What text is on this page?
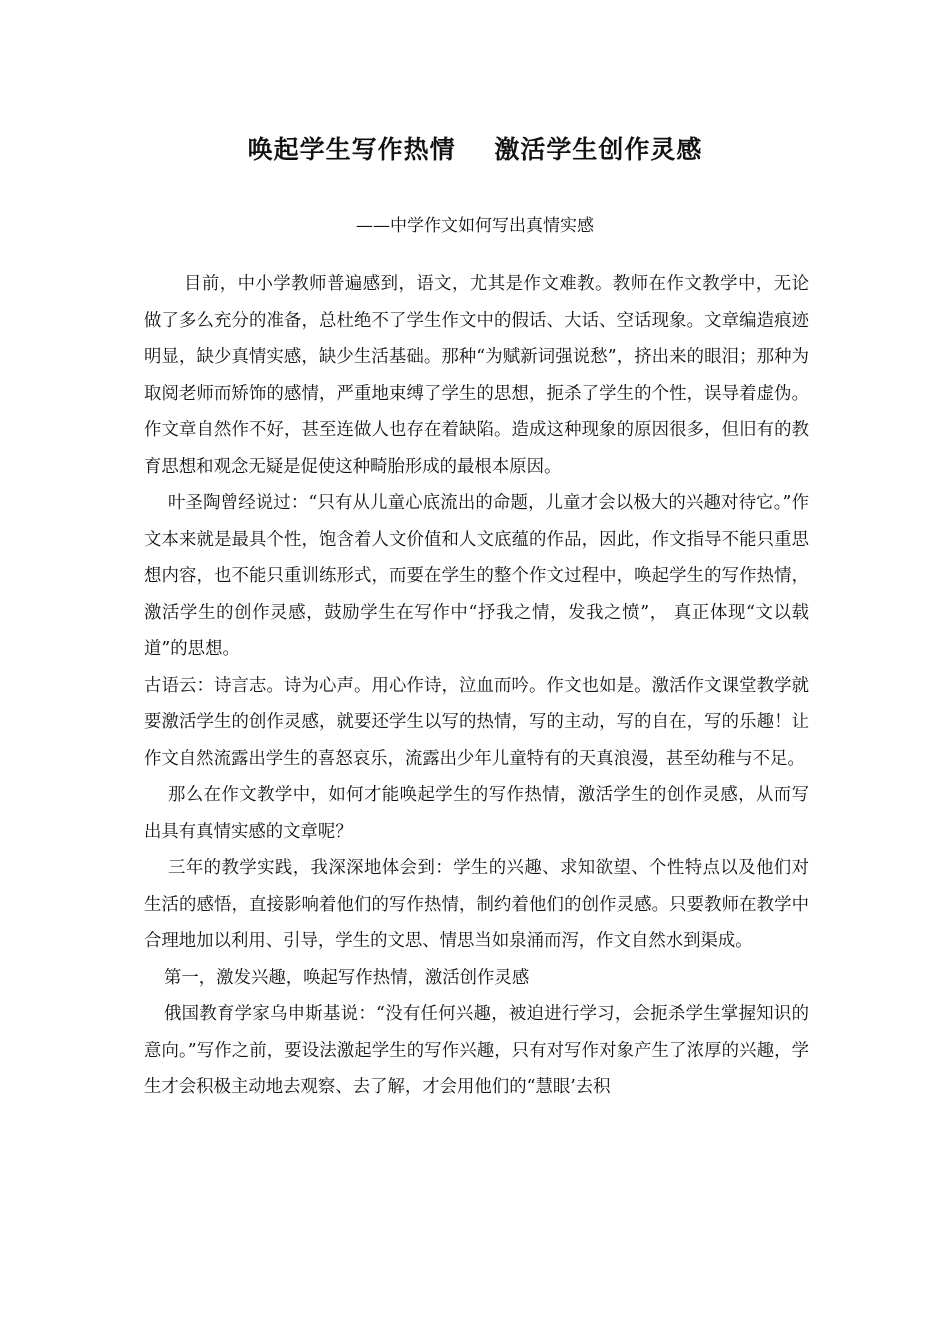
唤起学生写作热情    激活学生创作灵感
——中学作文如何写出真情实感

目前，中小学教师普遍感到，语文，尤其是作文难教。教师在作文教学中，无论做了多么充分的准备，总杜绝不了学生作文中的假话、大话、空话现象。文章编造痕迹明显，缺少真情实感，缺少生活基础。那种“为赋新词强说愁”，挤出来的眼泪；那种为取阅老师而矫饰的感情，严重地束缚了学生的思想，扼杀了学生的个性，误导着虚伪。作文章自然作不好，甚至连做人也存在着缺陷。造成这种现象的原因很多，但旧有的教育思想和观念无疑是促使这种畸胎形成的最根本原因。

叶圣陶曾经说过：“只有从儿童心底流出的命题，儿童才会以极大的兴趣对待它。”作文本来就是最具个性，饱含着人文价值和人文底蕴的作品，因此，作文指导不能只重思想内容，也不能只重训练形式，而要在学生的整个作文过程中，唤起学生的写作热情，激活学生的创作灵感，鼓励学生在写作中“抒我之情，发我之愤”， 真正体现“文以载道”的思想。

古语云：诗言志。诗为心声。用心作诗，泣血而吟。作文也如是。激活作文课堂教学就要激活学生的创作灵感，就要还学生以写的热情，写的主动，写的自在，写的乐趣！让作文自然流露出学生的喜怒哀乐，流露出少年儿童特有的天真浪漫，甚至幼稚与不足。

那么在作文教学中，如何才能唤起学生的写作热情，激活学生的创作灵感，从而写出具有真情实感的文章呢？

三年的教学实践，我深深地体会到：学生的兴趣、求知欲望、个性特点以及他们对生活的感悟，直接影响着他们的写作热情，制约着他们的创作灵感。只要教师在教学中合理地加以利用、引导，学生的文思、情思当如泉涌而泻，作文自然水到渠成。

第一，激发兴趣，唤起写作热情，激活创作灵感

俄国教育学家乌申斯基说：“没有任何兴趣，被迫进行学习，会扼杀学生掌握知识的意向。”写作之前，要设法激起学生的写作兴趣，只有对写作对象产生了浓厚的兴趣，学生才会积极主动地去观察、去了解，才会用他们的“慧眼’去积
